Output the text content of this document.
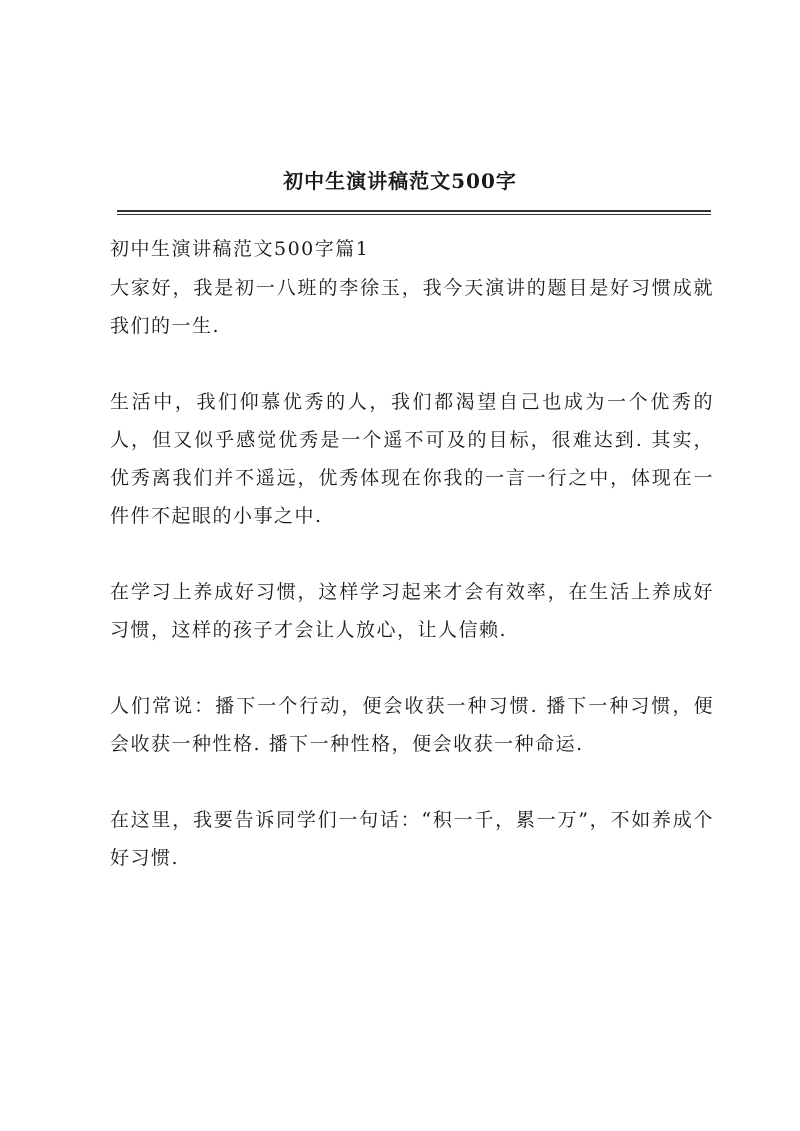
初中生演讲稿范文500字

初中生演讲稿范文500字篇1

大家好，我是初一八班的李徐玉，我今天演讲的题目是好习惯成就我们的一生.

生活中，我们仰慕优秀的人，我们都渴望自己也成为一个优秀的人，但又似乎感觉优秀是一个遥不可及的目标，很难达到. 其实，优秀离我们并不遥远，优秀体现在你我的一言一行之中，体现在一件件不起眼的小事之中.

在学习上养成好习惯，这样学习起来才会有效率，在生活上养成好习惯，这样的孩子才会让人放心，让人信赖.

人们常说：播下一个行动，便会收获一种习惯. 播下一种习惯，便会收获一种性格. 播下一种性格，便会收获一种命运.

在这里，我要告诉同学们一句话：“积一千，累一万”，不如养成个好习惯.
